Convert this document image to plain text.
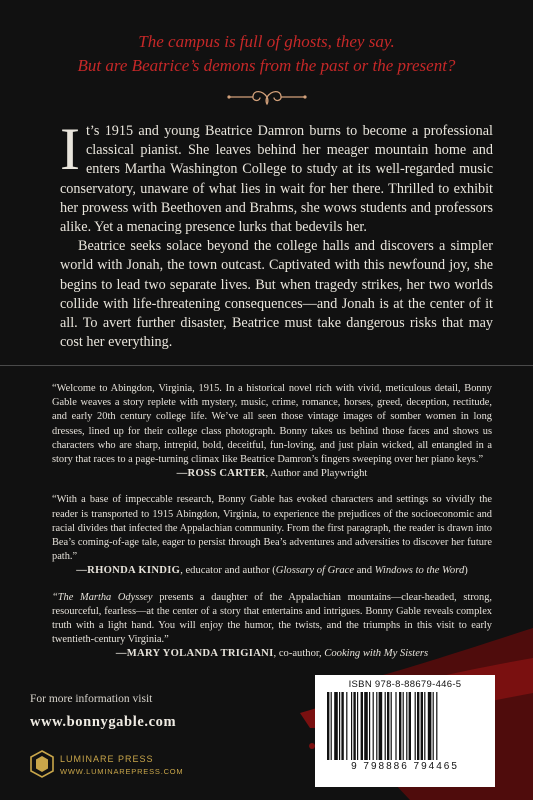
The campus is full of ghosts, they say.
But are Beatrice’s demons from the past or the present?

It’s 1915 and young Beatrice Damron burns to become a professional classical pianist. She leaves behind her meager mountain home and enters Martha Washington College to study at its well-regarded music conservatory, unaware of what lies in wait for her there. Thrilled to exhibit her prowess with Beethoven and Brahms, she wows students and professors alike. Yet a menacing presence lurks that bedevils her.

Beatrice seeks solace beyond the college halls and discovers a simpler world with Jonah, the town outcast. Captivated with this newfound joy, she begins to lead two separate lives. But when tragedy strikes, her two worlds collide with life-threatening consequences—and Jonah is at the center of it all. To avert further disaster, Beatrice must take dangerous risks that may cost her everything.

“Welcome to Abingdon, Virginia, 1915. In a historical novel rich with vivid, meticulous detail, Bonny Gable weaves a story replete with mystery, music, crime, romance, horses, greed, deception, rectitude, and early 20th century college life. We’ve all seen those vintage images of somber women in long dresses, lined up for their college class photograph. Bonny takes us behind those faces and shows us characters who are sharp, intrepid, bold, deceitful, fun-loving, and just plain wicked, all entangled in a story that races to a page-turning climax like Beatrice Damron’s fingers sweeping over her piano keys.”
—ROSS CARTER, Author and Playwright
“With a base of impeccable research, Bonny Gable has evoked characters and settings so vividly the reader is transported to 1915 Abingdon, Virginia, to experience the prejudices of the socioeconomic and racial divides that infected the Appalachian community. From the first paragraph, the reader is drawn into Bea’s coming-of-age tale, eager to persist through Bea’s adventures and adversities to discover her future path.”
—RHONDA KINDIG, educator and author (Glossary of Grace and Windows to the Word)
“The Martha Odyssey presents a daughter of the Appalachian mountains—clear-headed, strong, resourceful, fearless—at the center of a story that entertains and intrigues. Bonny Gable reveals complex truth with a light hand. You will enjoy the humor, the twists, and the triumphs in this visit to early twentieth-century Virginia.”
—MARY YOLANDA TRIGIANI, co-author, Cooking with My Sisters
For more information visit
www.bonnygable.com
LUMINARE PRESS
WWW.LUMINAREPRESS.COM
ISBN 978-8-88679-446-5
9 798886 794465
